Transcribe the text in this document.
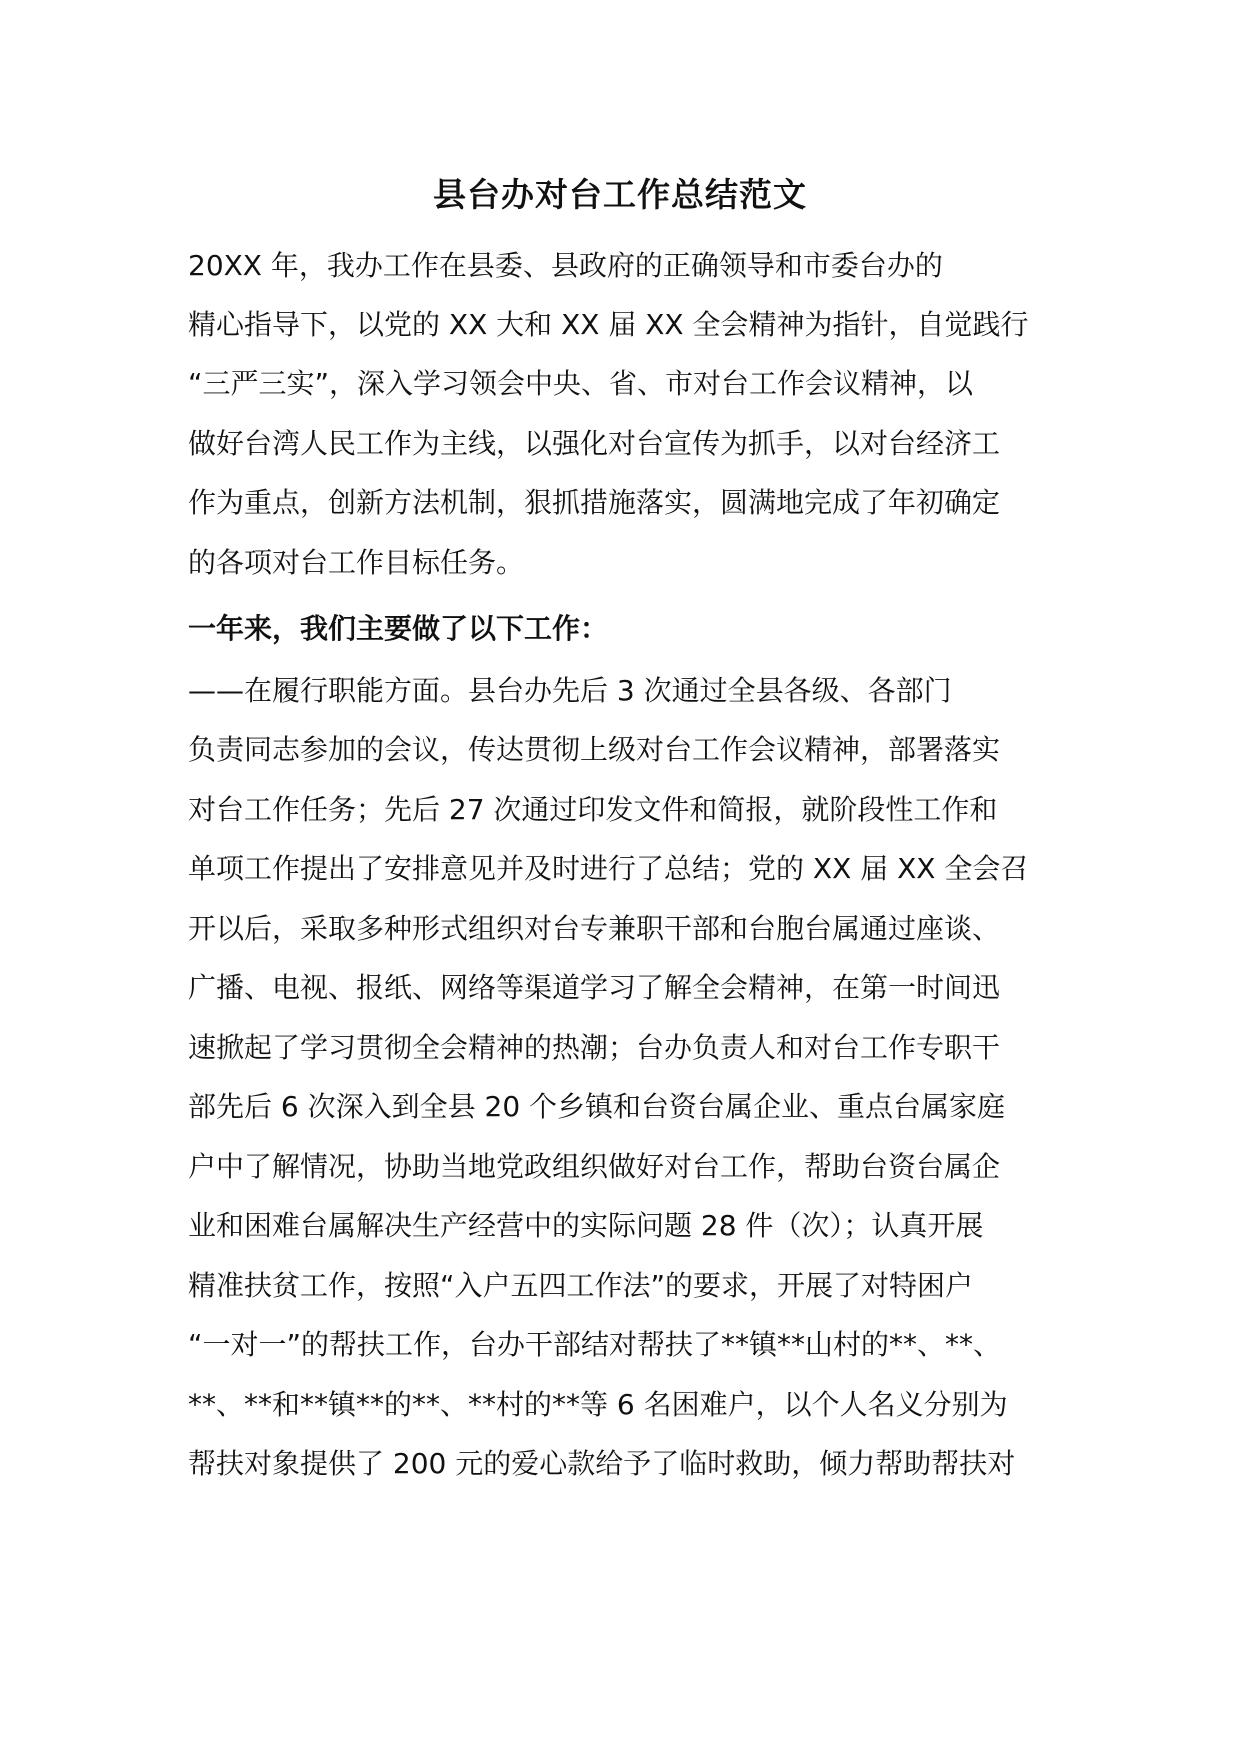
县台办对台工作总结范文
20XX 年，我办工作在县委、县政府的正确领导和市委台办的
精心指导下，以党的 XX 大和 XX 届 XX 全会精神为指针，自觉践行
“三严三实”，深入学习领会中央、省、市对台工作会议精神，以
做好台湾人民工作为主线，以强化对台宣传为抓手，以对台经济工
作为重点，创新方法机制，狠抓措施落实，圆满地完成了年初确定
的各项对台工作目标任务。
一年来，我们主要做了以下工作：
——在履行职能方面。县台办先后 3 次通过全县各级、各部门
负责同志参加的会议，传达贯彻上级对台工作会议精神，部署落实
对台工作任务；先后 27 次通过印发文件和简报，就阶段性工作和
单项工作提出了安排意见并及时进行了总结；党的 XX 届 XX 全会召
开以后，采取多种形式组织对台专兼职干部和台胞台属通过座谈、
广播、电视、报纸、网络等渠道学习了解全会精神，在第一时间迅
速掀起了学习贯彻全会精神的热潮；台办负责人和对台工作专职干
部先后 6 次深入到全县 20 个乡镇和台资台属企业、重点台属家庭
户中了解情况，协助当地党政组织做好对台工作，帮助台资台属企
业和困难台属解决生产经营中的实际问题 28 件（次）；认真开展
精准扶贫工作，按照“入户五四工作法”的要求，开展了对特困户
“一对一”的帮扶工作，台办干部结对帮扶了**镇**山村的**、**、
**、**和**镇**的**、**村的**等 6 名困难户，以个人名义分别为
帮扶对象提供了 200 元的爱心款给予了临时救助，倾力帮助帮扶对
